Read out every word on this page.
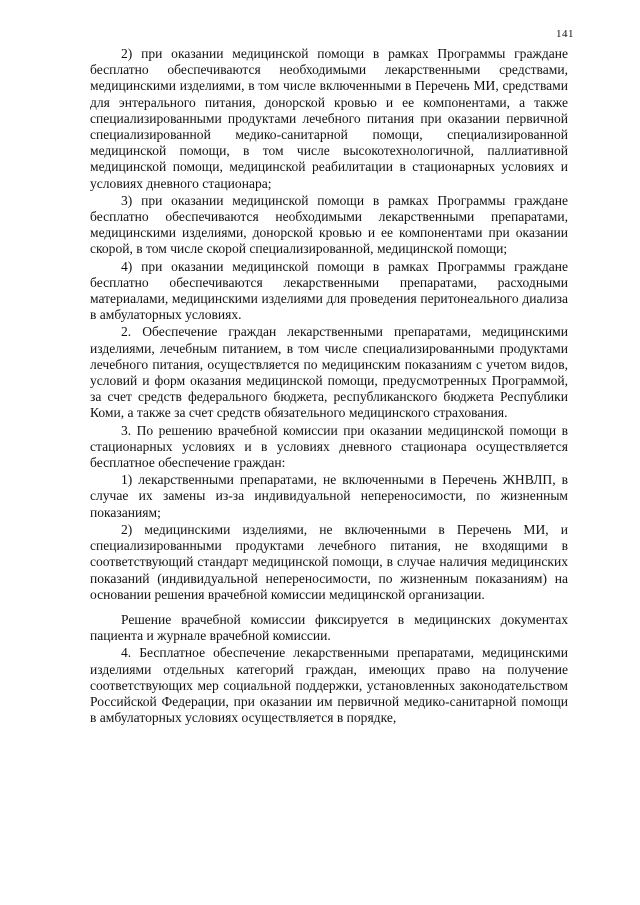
141

2) при оказании медицинской помощи в рамках Программы граждане бесплатно обеспечиваются необходимыми лекарственными средствами, медицинскими изделиями, в том числе включенными в Перечень МИ, средствами для энтерального питания, донорской кровью и ее компонентами, а также специализированными продуктами лечебного питания при оказании первичной специализированной медико-санитарной помощи, специализированной медицинской помощи, в том числе высокотехнологичной, паллиативной медицинской помощи, медицинской реабилитации в стационарных условиях и условиях дневного стационара;

3) при оказании медицинской помощи в рамках Программы граждане бесплатно обеспечиваются необходимыми лекарственными препаратами, медицинскими изделиями, донорской кровью и ее компонентами при оказании скорой, в том числе скорой специализированной, медицинской помощи;

4) при оказании медицинской помощи в рамках Программы граждане бесплатно обеспечиваются лекарственными препаратами, расходными материалами, медицинскими изделиями для проведения перитонеального диализа в амбулаторных условиях.

2. Обеспечение граждан лекарственными препаратами, медицинскими изделиями, лечебным питанием, в том числе специализированными продуктами лечебного питания, осуществляется по медицинским показаниям с учетом видов, условий и форм оказания медицинской помощи, предусмотренных Программой, за счет средств федерального бюджета, республиканского бюджета Республики Коми, а также за счет средств обязательного медицинского страхования.

3. По решению врачебной комиссии при оказании медицинской помощи в стационарных условиях и в условиях дневного стационара осуществляется бесплатное обеспечение граждан:

1) лекарственными препаратами, не включенными в Перечень ЖНВЛП, в случае их замены из-за индивидуальной непереносимости, по жизненным показаниям;

2) медицинскими изделиями, не включенными в Перечень МИ, и специализированными продуктами лечебного питания, не входящими в соответствующий стандарт медицинской помощи, в случае наличия медицинских показаний (индивидуальной непереносимости, по жизненным показаниям) на основании решения врачебной комиссии медицинской организации.

Решение врачебной комиссии фиксируется в медицинских документах пациента и журнале врачебной комиссии.

4. Бесплатное обеспечение лекарственными препаратами, медицинскими изделиями отдельных категорий граждан, имеющих право на получение соответствующих мер социальной поддержки, установленных законодательством Российской Федерации, при оказании им первичной медико-санитарной помощи в амбулаторных условиях осуществляется в порядке,
